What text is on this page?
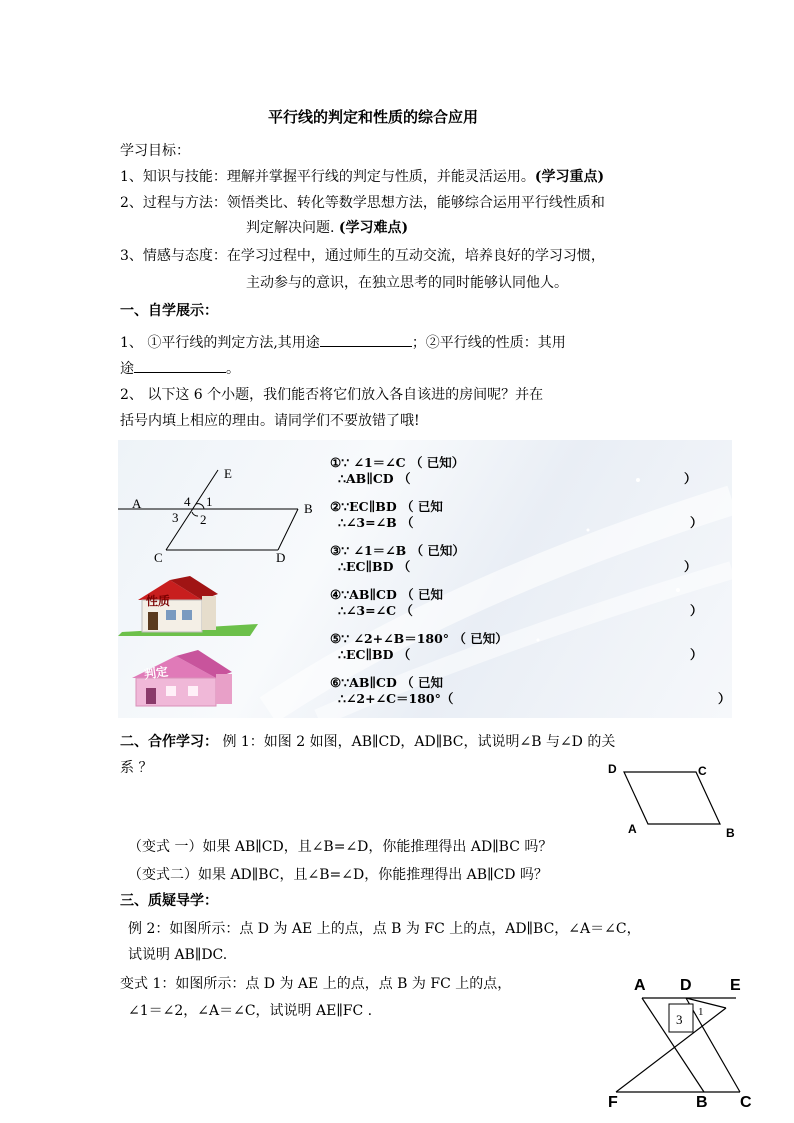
平行线的判定和性质的综合应用
学习目标：
1、知识与技能：理解并掌握平行线的判定与性质，并能灵活运用。(学习重点)
2、过程与方法：领悟类比、转化等数学思想方法，能够综合运用平行线性质和
判定解决问题. (学习难点)
3、情感与态度：在学习过程中，通过师生的互动交流，培养良好的学习习惯，
主动参与的意识，在独立思考的同时能够认同他人。
一、自学展示：
1、 ①平行线的判定方法,其用途	；②平行线的性质：其用
途	。
2、 以下这 6 个小题，我们能否将它们放入各自该进的房间呢？并在
括号内填上相应的理由。请同学们不要放错了哦!
E
A	4 1
3 2
B
C	D
性质
判定
①∵ ∠1＝∠C （ 已知）
∴AB∥CD （	）
②∵EC∥BD （ 已知
∴∠3=∠B （	）
③∵ ∠1＝∠B （ 已知）
∴EC∥BD （	）
④∵AB∥CD （ 已知
∴∠3=∠C （	）
⑤∵ ∠2+∠B＝180° （ 已知）
∴EC∥BD （	）
⑥∵AB∥CD （ 已知
∴∠2+∠C＝180°（	）
二、合作学习： 例 1：如图 2 如图，AB∥CD，AD∥BC，试说明∠B 与∠D 的关
系 ？	D	C
A	B
（变式 一）如果 AB∥CD，且∠B=∠D，你能推理得出 AD∥BC 吗？
（变式二）如果 AD∥BC，且∠B=∠D，你能推理得出 AB∥CD 吗？
三、质疑导学：
例 2：如图所示：点 D 为 AE 上的点，点 B 为 FC 上的点，AD∥BC，∠A＝∠C，
试说明 AB∥DC.
变式 1：如图所示：点 D 为 AE 上的点，点 B 为 FC 上的点，
∠1＝∠2，∠A＝∠C，试说明 AE∥FC .
A D E
3 1
F	B C
